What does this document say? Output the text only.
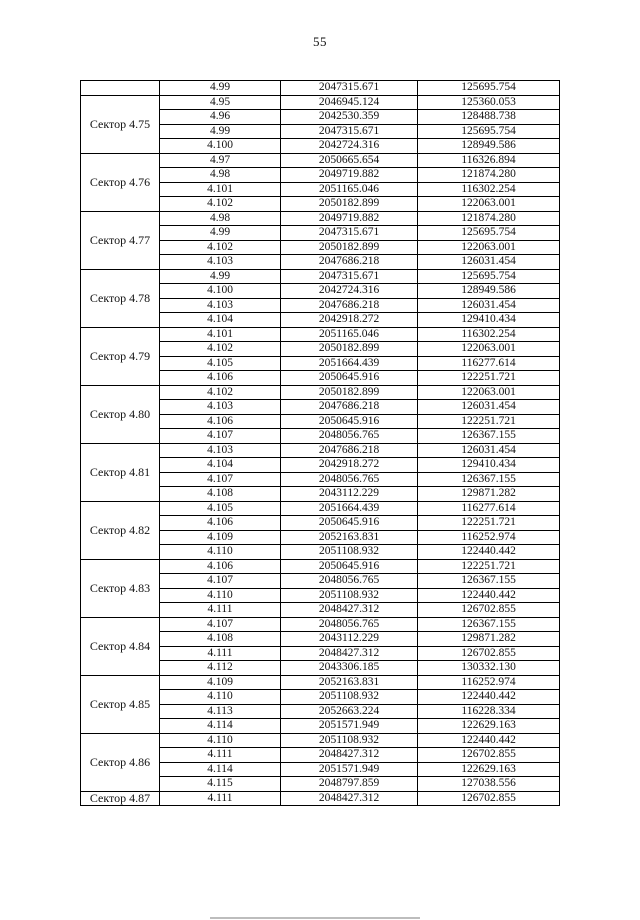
55
	4.99	2047315.671	125695.754
Сектор 4.75	4.95	2046945.124	125360.053
	4.96	2042530.359	128488.738
	4.99	2047315.671	125695.754
	4.100	2042724.316	128949.586
Сектор 4.76	4.97	2050665.654	116326.894
	4.98	2049719.882	121874.280
	4.101	2051165.046	116302.254
	4.102	2050182.899	122063.001
Сектор 4.77	4.98	2049719.882	121874.280
	4.99	2047315.671	125695.754
	4.102	2050182.899	122063.001
	4.103	2047686.218	126031.454
Сектор 4.78	4.99	2047315.671	125695.754
	4.100	2042724.316	128949.586
	4.103	2047686.218	126031.454
	4.104	2042918.272	129410.434
Сектор 4.79	4.101	2051165.046	116302.254
	4.102	2050182.899	122063.001
	4.105	2051664.439	116277.614
	4.106	2050645.916	122251.721
Сектор 4.80	4.102	2050182.899	122063.001
	4.103	2047686.218	126031.454
	4.106	2050645.916	122251.721
	4.107	2048056.765	126367.155
Сектор 4.81	4.103	2047686.218	126031.454
	4.104	2042918.272	129410.434
	4.107	2048056.765	126367.155
	4.108	2043112.229	129871.282
Сектор 4.82	4.105	2051664.439	116277.614
	4.106	2050645.916	122251.721
	4.109	2052163.831	116252.974
	4.110	2051108.932	122440.442
Сектор 4.83	4.106	2050645.916	122251.721
	4.107	2048056.765	126367.155
	4.110	2051108.932	122440.442
	4.111	2048427.312	126702.855
Сектор 4.84	4.107	2048056.765	126367.155
	4.108	2043112.229	129871.282
	4.111	2048427.312	126702.855
	4.112	2043306.185	130332.130
Сектор 4.85	4.109	2052163.831	116252.974
	4.110	2051108.932	122440.442
	4.113	2052663.224	116228.334
	4.114	2051571.949	122629.163
Сектор 4.86	4.110	2051108.932	122440.442
	4.111	2048427.312	126702.855
	4.114	2051571.949	122629.163
	4.115	2048797.859	127038.556
Сектор 4.87	4.111	2048427.312	126702.855
